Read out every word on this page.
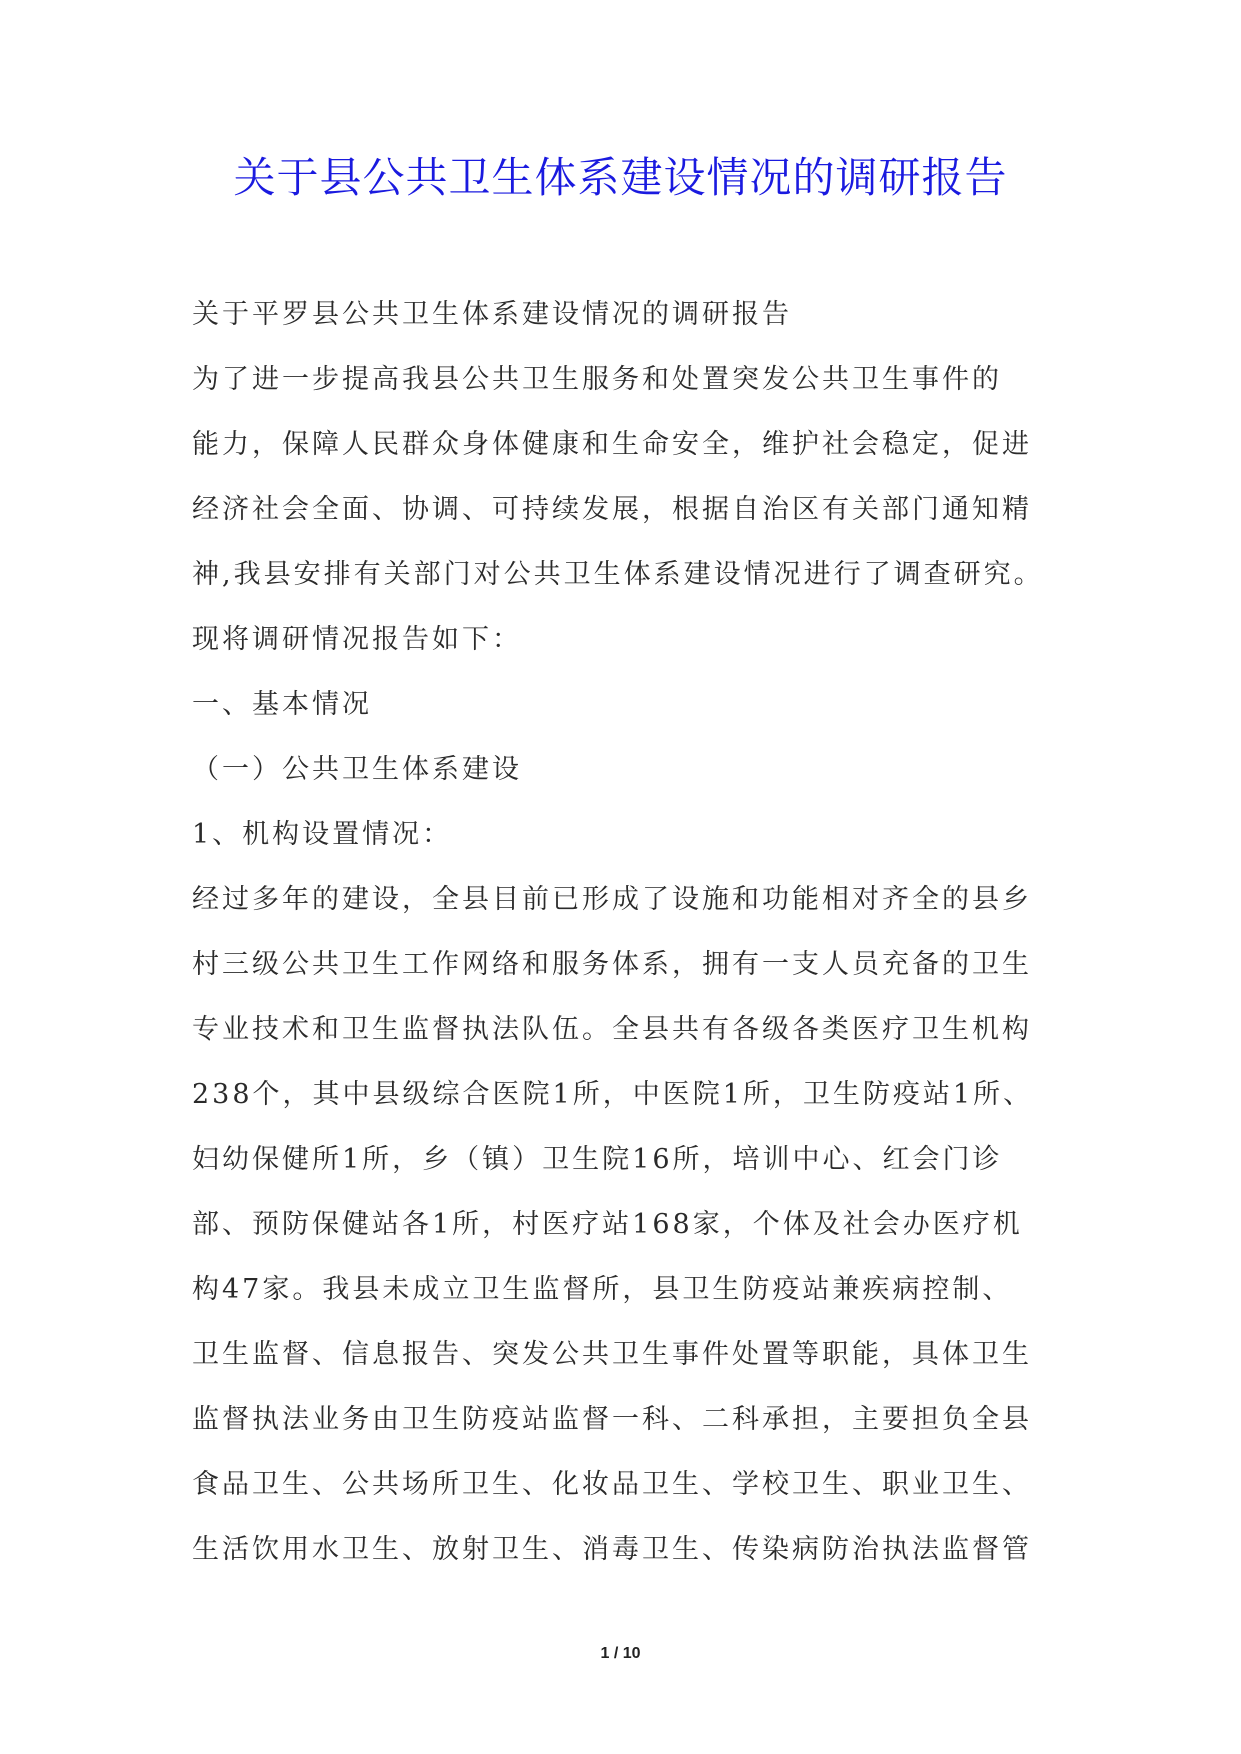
关于县公共卫生体系建设情况的调研报告
关于平罗县公共卫生体系建设情况的调研报告
为了进一步提高我县公共卫生服务和处置突发公共卫生事件的
能力，保障人民群众身体健康和生命安全，维护社会稳定，促进
经济社会全面、协调、可持续发展，根据自治区有关部门通知精
神,我县安排有关部门对公共卫生体系建设情况进行了调查研究。
现将调研情况报告如下：
一、基本情况
（一）公共卫生体系建设
1、机构设置情况：
经过多年的建设，全县目前已形成了设施和功能相对齐全的县乡
村三级公共卫生工作网络和服务体系，拥有一支人员充备的卫生
专业技术和卫生监督执法队伍。全县共有各级各类医疗卫生机构
238个，其中县级综合医院1所，中医院1所，卫生防疫站1所、
妇幼保健所1所，乡（镇）卫生院16所，培训中心、红会门诊
部、预防保健站各1所，村医疗站168家，个体及社会办医疗机
构47家。我县未成立卫生监督所，县卫生防疫站兼疾病控制、
卫生监督、信息报告、突发公共卫生事件处置等职能，具体卫生
监督执法业务由卫生防疫站监督一科、二科承担，主要担负全县
食品卫生、公共场所卫生、化妆品卫生、学校卫生、职业卫生、
生活饮用水卫生、放射卫生、消毒卫生、传染病防治执法监督管
1 / 10
